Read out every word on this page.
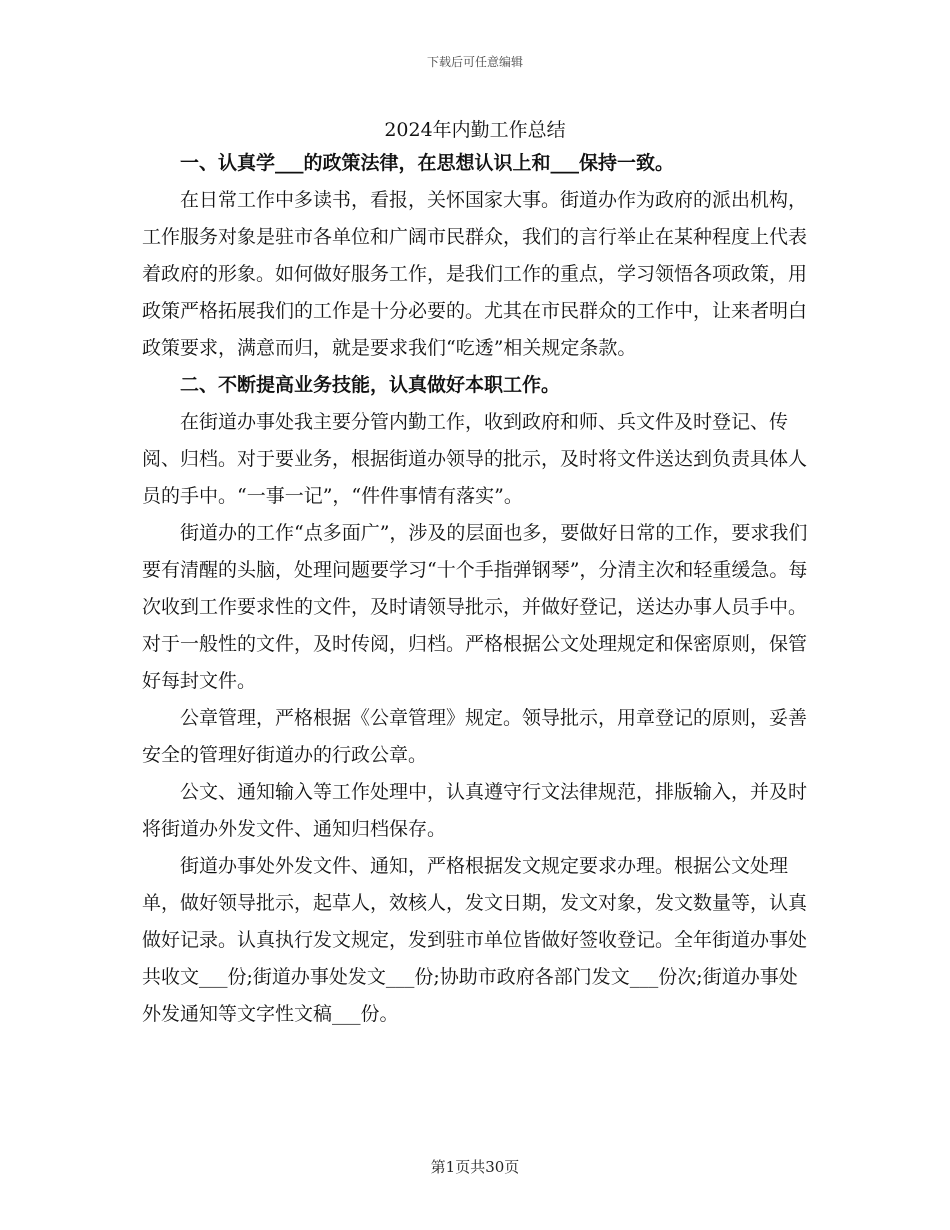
下载后可任意编辑
2024年内勤工作总结

一、认真学___的政策法律，在思想认识上和___保持一致。

在日常工作中多读书，看报，关怀国家大事。街道办作为政府的派出机构，工作服务对象是驻市各单位和广阔市民群众，我们的言行举止在某种程度上代表着政府的形象。如何做好服务工作，是我们工作的重点，学习领悟各项政策，用政策严格拓展我们的工作是十分必要的。尤其在市民群众的工作中，让来者明白政策要求，满意而归，就是要求我们“吃透”相关规定条款。

二、不断提高业务技能，认真做好本职工作。

在街道办事处我主要分管内勤工作，收到政府和师、兵文件及时登记、传阅、归档。对于要业务，根据街道办领导的批示，及时将文件送达到负责具体人员的手中。“一事一记”，“件件事情有落实”。

街道办的工作“点多面广”，涉及的层面也多，要做好日常的工作，要求我们要有清醒的头脑，处理问题要学习“十个手指弹钢琴”，分清主次和轻重缓急。每次收到工作要求性的文件，及时请领导批示，并做好登记，送达办事人员手中。对于一般性的文件，及时传阅，归档。严格根据公文处理规定和保密原则，保管好每封文件。

公章管理，严格根据《公章管理》规定。领导批示，用章登记的原则，妥善安全的管理好街道办的行政公章。

公文、通知输入等工作处理中，认真遵守行文法律规范，排版输入，并及时将街道办外发文件、通知归档保存。

街道办事处外发文件、通知，严格根据发文规定要求办理。根据公文处理单，做好领导批示，起草人，效核人，发文日期，发文对象，发文数量等，认真做好记录。认真执行发文规定，发到驻市单位皆做好签收登记。全年街道办事处共收文___份;街道办事处发文___份;协助市政府各部门发文___份次;街道办事处外发通知等文字性文稿___份。

第1页共30页
